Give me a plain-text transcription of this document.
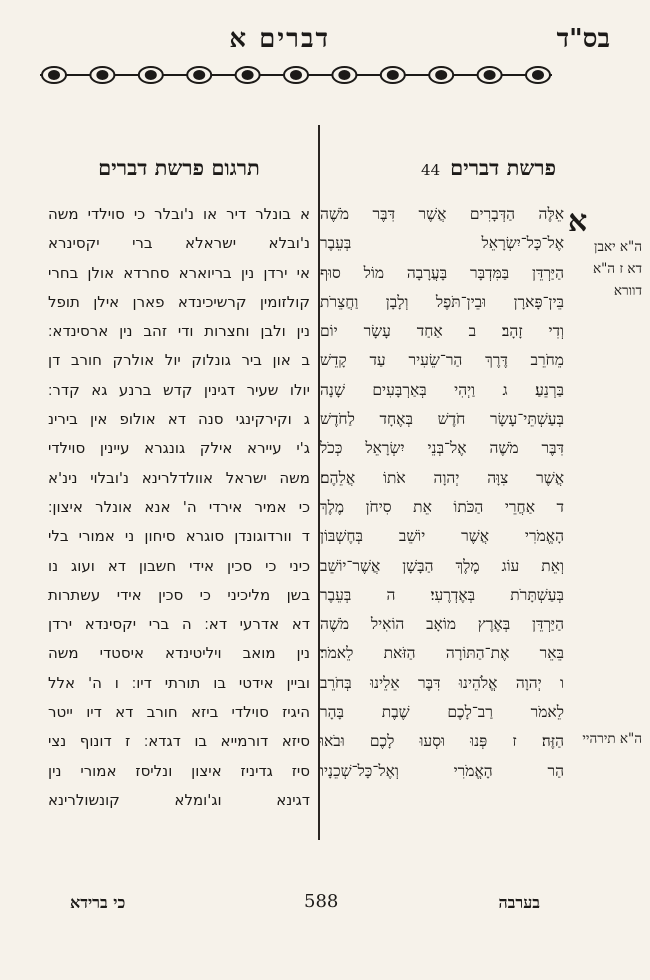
בס"ד
דברים א
פרשת דברים44
אֵלֶּה הַדְּבָרִים אֲשֶׁר דִּבֶּר מֹשֶׁה
אֶל־כָּל־יִשְׂרָאֵל בְּעֵבֶר
הַיַּרְדֵּן בַּמִּדְבָּר בָּעֲרָבָה מוֹל סוּף
בֵּין־פָּארָן וּבֵין־תֹּפֶל וְלָבָן וַחֲצֵרֹת
וְדִי זָהָב׃ ב אַחַד עָשָׂר יוֹם
מֵחֹרֵב דֶּרֶךְ הַר־שֵׂעִיר עַד קָדֵשׁ
בַּרְנֵעַ׃ ג וַיְהִי בְּאַרְבָּעִים שָׁנָה
בְּעַשְׁתֵּי־עָשָׂר חֹדֶשׁ בְּאֶחָד לַחֹדֶשׁ
דִּבֶּר מֹשֶׁה אֶל־בְּנֵי יִשְׂרָאֵל כְּכֹל
אֲשֶׁר צִוָּה יְהוָה אֹתוֹ אֲלֵהֶם׃
ד אַחֲרֵי הַכֹּתוֹ אֵת סִיחֹן מֶלֶךְ
הָאֱמֹרִי אֲשֶׁר יוֹשֵׁב בְּחֶשְׁבּוֹן
וְאֵת עוֹג מֶלֶךְ הַבָּשָׁן אֲשֶׁר־יוֹשֵׁב
בְּעַשְׁתָּרֹת בְּאֶדְרֶעִי׃ ה בְּעֵבֶר
הַיַּרְדֵּן בְּאֶרֶץ מוֹאָב הוֹאִיל מֹשֶׁה
בֵּאֵר אֶת־הַתּוֹרָה הַזֹּאת לֵאמֹר׃
ו יְהוָה אֱלֹהֵינוּ דִּבֶּר אֵלֵינוּ בְּחֹרֵב
לֵאמֹר רַב־לָכֶם שֶׁבֶת בָּהָר
הַזֶּה׃ ז פְּנוּ וּסְעוּ לָכֶם וּבֹאוּ
הַר הָאֱמֹרִי וְאֶל־כָּל־שְׁכֵנָיו
א
ה"א יאבן
דא ז ה"א
דוורא
ה"א תירהיי
תרגום פרשת דברים
א בונלר דיר או נ'ובלר כי סוילדי משה
נ'ובלא ישראלא ברי יקסינרא
אי ירדן נין בריוארא סחרדא אולן בחרי
קולזומין קרשיכינדא פארן אילן תופל
נין ולבן וחצרות ודי זהב נין ארסינדא׃
ב און ביר גונלוק יול אולרק חורב דן
יולו שעיר דגינין קדש ברנע גא קדר׃
ג וקירקינגי סנה דא אולופ אין בירינ
ג'י עיירא אילק גונגרא עיינין סוילדי
משה ישראל אוולדלרינא נ'ובלוי נינ'א
כי אמיר אירדי ה' אנא אונלר איצון׃
ד וורדוגונדן סוגרא סיחון ני אמורי בלי
כיני כי סכין אידי חשבון דא ועוג נו
בשן מליכיני כי סכין אידי עשתרות
דא אדרעי דא׃ ה ברי יקסינדא ירדן
נין מואב ויליטינדא איסטדי משה
וביין אידטי בו תורתי דיו׃ ו ה' אלל
היגיז סוילדי ביזא חורב דא דיו ייטר
סיזא דורמייא בו דגדא׃ ז דונוף נצי
סיז גדיניז איצון ונליסז אמורי נין
דגינא וג'ומלא קונשולרינא
בערבה
588
כי ברידא
